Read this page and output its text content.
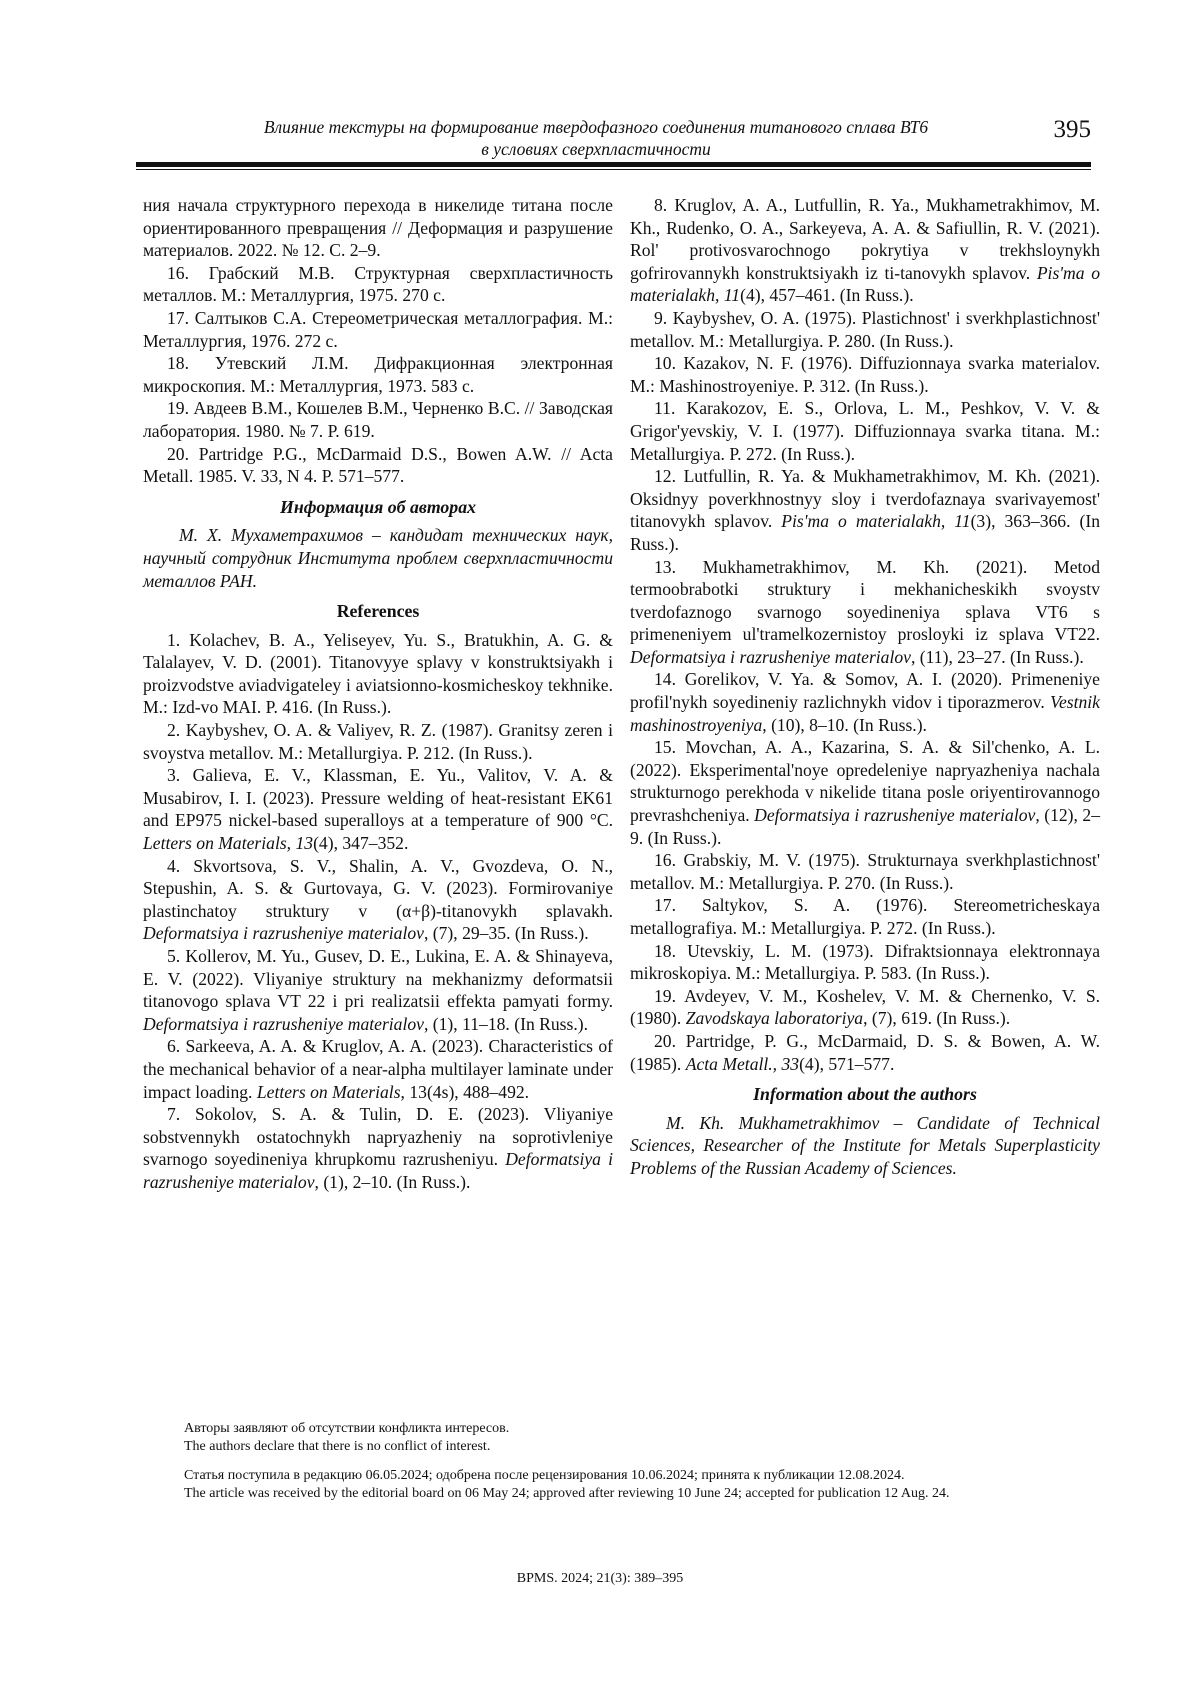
Влияние текстуры на формирование твердофазного соединения титанового сплава ВТ6
в условиях сверхпластичности
395

ния начала структурного перехода в никелиде титана после ориентированного превращения // Деформация и разрушение материалов. 2022. № 12. С. 2–9.

16. Грабский М.В. Структурная сверхпластичность металлов. М.: Металлургия, 1975. 270 с.

17. Салтыков С.А. Стереометрическая металлография. М.: Металлургия, 1976. 272 с.

18. Утевский Л.М. Дифракционная электронная микроскопия. М.: Металлургия, 1973. 583 с.

19. Авдеев В.М., Кошелев В.М., Черненко В.С. // Заводская лаборатория. 1980. № 7. Р. 619.

20. Partridge P.G., McDarmaid D.S., Bowen A.W. // Acta Metall. 1985. V. 33, N 4. P. 571–577.

Информация об авторах

М. Х. Мухаметрахимов – кандидат технических наук, научный сотрудник Института проблем сверхпластичности металлов РАН.

References

1. Kolachev, B. A., Yeliseyev, Yu. S., Bratukhin, A. G. & Talalayev, V. D. (2001). Titanovyye splavy v konstruktsiyakh i proizvodstve aviadvigateley i aviatsionno-kosmicheskoy tekhnike. M.: Izd-vo MAI. P. 416. (In Russ.).

2. Kaybyshev, O. A. & Valiyev, R. Z. (1987). Granitsy zeren i svoystva metallov. M.: Metallurgiya. P. 212. (In Russ.).

3. Galieva, E. V., Klassman, E. Yu., Valitov, V. A. & Musabirov, I. I. (2023). Pressure welding of heat-resistant EK61 and EP975 nickel-based superalloys at a temperature of 900 °C. Letters on Materials, 13(4), 347–352.

4. Skvortsova, S. V., Shalin, A. V., Gvozdeva, O. N., Stepushin, A. S. & Gurtovaya, G. V. (2023). Formirovaniye plastinchatoy struktury v (α+β)-titanovykh splavakh. Deformatsiya i razrusheniye materialov, (7), 29–35. (In Russ.).

5. Kollerov, M. Yu., Gusev, D. E., Lukina, E. A. & Shinayeva, E. V. (2022). Vliyaniye struktury na mekhanizmy deformatsii titanovogo splava VT 22 i pri realizatsii effekta pamyati formy. Deformatsiya i razrusheniye materialov, (1), 11–18. (In Russ.).

6. Sarkeeva, A. A. & Kruglov, A. A. (2023). Characteristics of the mechanical behavior of a near-alpha multilayer laminate under impact loading. Letters on Materials, 13(4s), 488–492.

7. Sokolov, S. A. & Tulin, D. E. (2023). Vliyaniye sobstvennykh ostatochnykh napryazheniy na soprotivleniye svarnogo soyedineniya khrupkomu razrusheniyu. Deformatsiya i razrusheniye materialov, (1), 2–10. (In Russ.).

8. Kruglov, A. A., Lutfullin, R. Ya., Mukhametrakhimov, M. Kh., Rudenko, O. A., Sarkeyeva, A. A. & Safiullin, R. V. (2021). Rol' protivosvarochnogo pokrytiya v trekhsloynykh gofrirovannykh konstruktsiyakh iz ti-tanovykh splavov. Pis'ma o materialakh, 11(4), 457–461. (In Russ.).

9. Kaybyshev, O. A. (1975). Plastichnost' i sverkhplastichnost' metallov. M.: Metallurgiya. P. 280. (In Russ.).

10. Kazakov, N. F. (1976). Diffuzionnaya svarka materialov. M.: Mashinostroyeniye. P. 312. (In Russ.).

11. Karakozov, E. S., Orlova, L. M., Peshkov, V. V. & Grigor'yevskiy, V. I. (1977). Diffuzionnaya svarka titana. M.: Metallurgiya. P. 272. (In Russ.).

12. Lutfullin, R. Ya. & Mukhametrakhimov, M. Kh. (2021). Oksidnyy poverkhnostnyy sloy i tverdofaznaya svarivayemost' titanovykh splavov. Pis'ma o materialakh, 11(3), 363–366. (In Russ.).

13. Mukhametrakhimov, M. Kh. (2021). Metod termoobrabotki struktury i mekhanicheskikh svoystv tverdofaznogo svarnogo soyedineniya splava VT6 s primeneniyem ul'tramelkozernistoy prosloyki iz splava VT22. Deformatsiya i razrusheniye materialov, (11), 23–27. (In Russ.).

14. Gorelikov, V. Ya. & Somov, A. I. (2020). Primeneniye profil'nykh soyedineniy razlichnykh vidov i tiporazmerov. Vestnik mashinostroyeniya, (10), 8–10. (In Russ.).

15. Movchan, A. A., Kazarina, S. A. & Sil'chenko, A. L. (2022). Eksperimental'noye opredeleniye napryazheniya nachala strukturnogo perekhoda v nikelide titana posle oriyentirovannogo prevrashcheniya. Deformatsiya i razrusheniye materialov, (12), 2–9. (In Russ.).

16. Grabskiy, M. V. (1975). Strukturnaya sverkhplastichnost' metallov. M.: Metallurgiya. P. 270. (In Russ.).

17. Saltykov, S. A. (1976). Stereometricheskaya metallografiya. M.: Metallurgiya. P. 272. (In Russ.).

18. Utevskiy, L. M. (1973). Difraktsionnaya elektronnaya mikroskopiya. M.: Metallurgiya. P. 583. (In Russ.).

19. Avdeyev, V. M., Koshelev, V. M. & Chernenko, V. S. (1980). Zavodskaya laboratoriya, (7), 619. (In Russ.).

20. Partridge, P. G., McDarmaid, D. S. & Bowen, A. W. (1985). Acta Metall., 33(4), 571–577.

Information about the authors

M. Kh. Mukhametrakhimov – Candidate of Technical Sciences, Researcher of the Institute for Metals Superplasticity Problems of the Russian Academy of Sciences.

Авторы заявляют об отсутствии конфликта интересов.
The authors declare that there is no conflict of interest.

Статья поступила в редакцию 06.05.2024; одобрена после рецензирования 10.06.2024; принята к публикации 12.08.2024.

The article was received by the editorial board on 06 May 24; approved after reviewing 10 June 24; accepted for publication 12 Aug. 24.

BPMS. 2024; 21(3): 389–395
